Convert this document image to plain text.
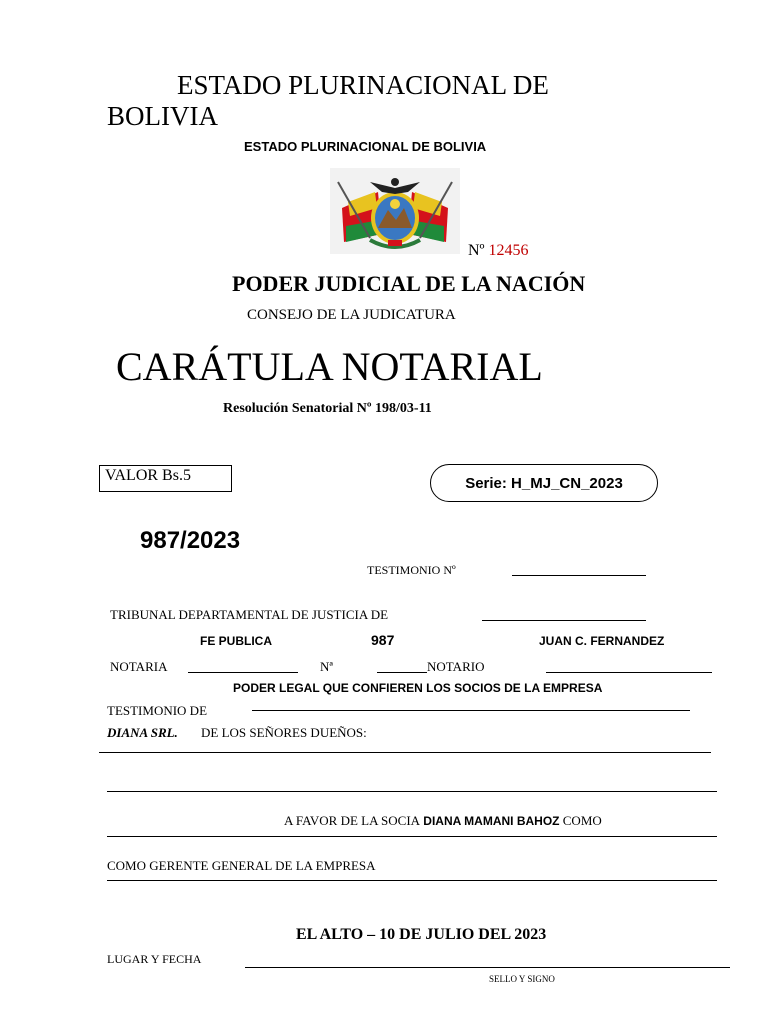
ESTADO PLURINACIONAL DE
BOLIVIA
ESTADO PLURINACIONAL DE BOLIVIA
Nº 12456
PODER JUDICIAL DE LA NACIÓN
CONSEJO DE LA JUDICATURA
CARÁTULA NOTARIAL
Resolución Senatorial Nº 198/03-11
VALOR Bs.5	Serie: H_MJ_CN_2023
987/2023
TESTIMONIO Nº
TRIBUNAL DEPARTAMENTAL DE JUSTICIA DE
FE PUBLICA	987	JUAN C. FERNANDEZ
NOTARIA	Nª	NOTARIO
PODER LEGAL QUE CONFIEREN LOS SOCIOS DE LA EMPRESA
TESTIMONIO DE
DIANA SRL. DE LOS SEÑORES DUEÑOS:
A FAVOR DE LA SOCIA DIANA MAMANI BAHOZ COMO
COMO GERENTE GENERAL DE LA EMPRESA
EL ALTO – 10 DE JULIO DEL 2023
LUGAR Y FECHA
SELLO Y SIGNO
